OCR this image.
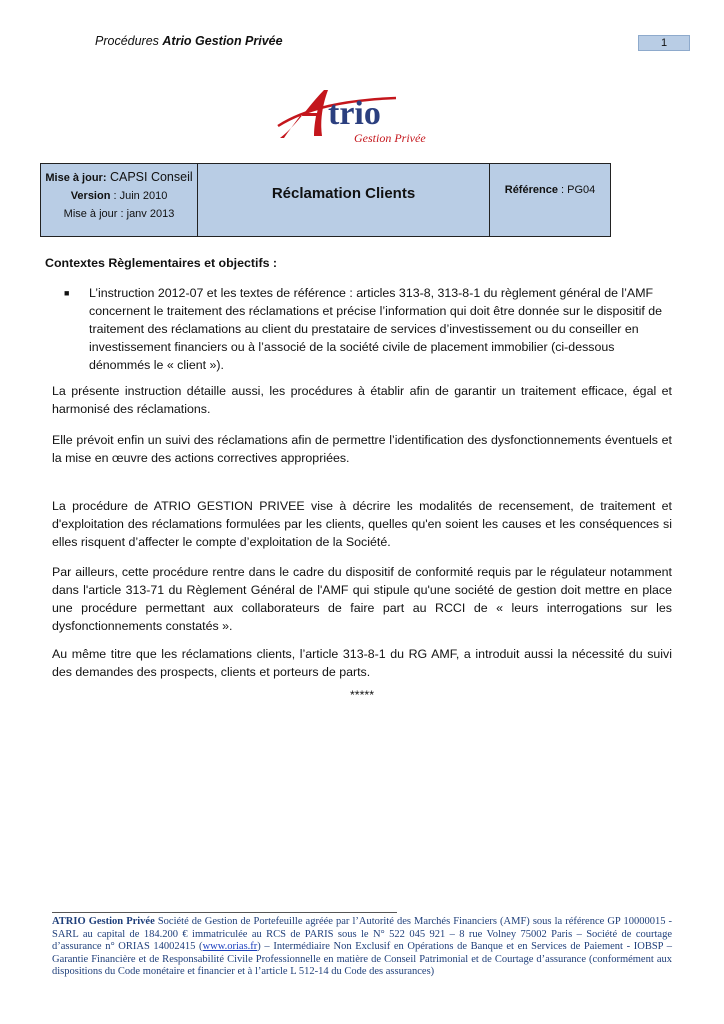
Procédures Atrio Gestion Privée	1
trio
Gestion Privée
Mise à jour: CAPSI Conseil
Version : Juin 2010
Mise à jour : janv 2013
Réclamation Clients	Référence : PG04
Contextes Règlementaires et objectifs :
■	L’instruction 2012-07 et les textes de référence : articles 313-8, 313-8-1 du règlement général de l’AMF concernent le traitement des réclamations et précise l’information qui doit être donnée sur le dispositif de traitement des réclamations au client du prestataire de services d’investissement ou du conseiller en investissement financiers ou à l’associé de la société civile de placement immobilier (ci-dessous dénommés le « client »).
La présente instruction détaille aussi, les procédures à établir afin de garantir un traitement efficace, égal et harmonisé des réclamations.
Elle prévoit enfin un suivi des réclamations afin de permettre l’identification des dysfonctionnements éventuels et la mise en œuvre des actions correctives appropriées.
La procédure de ATRIO GESTION PRIVEE vise à décrire les modalités de recensement, de traitement et d'exploitation des réclamations formulées par les clients, quelles qu'en soient les causes et les conséquences si elles risquent d’affecter le compte d’exploitation de la Société.
Par ailleurs, cette procédure rentre dans le cadre du dispositif de conformité requis par le régulateur notamment dans l'article 313-71 du Règlement Général de l'AMF qui stipule qu'une société de gestion doit mettre en place une procédure permettant aux collaborateurs de faire part au RCCI de « leurs interrogations sur les dysfonctionnements constatés ».
Au même titre que les réclamations clients, l’article 313-8-1 du RG AMF, a introduit aussi la nécessité du suivi des demandes des prospects, clients et porteurs de parts.
*****
ATRIO Gestion Privée Société de Gestion de Portefeuille agréée par l’Autorité des Marchés Financiers (AMF) sous la référence GP 10000015 - SARL au capital de 184.200 € immatriculée au RCS de PARIS sous le N° 522 045 921 – 8 rue Volney 75002 Paris – Société de courtage d’assurance n° ORIAS 14002415 (www.orias.fr) – Intermédiaire Non Exclusif en Opérations de Banque et en Services de Paiement - IOBSP – Garantie Financière et de Responsabilité Civile Professionnelle en matière de Conseil Patrimonial et de Courtage d’assurance (conformément aux dispositions du Code monétaire et financier et à l’article L 512-14 du Code des assurances)
